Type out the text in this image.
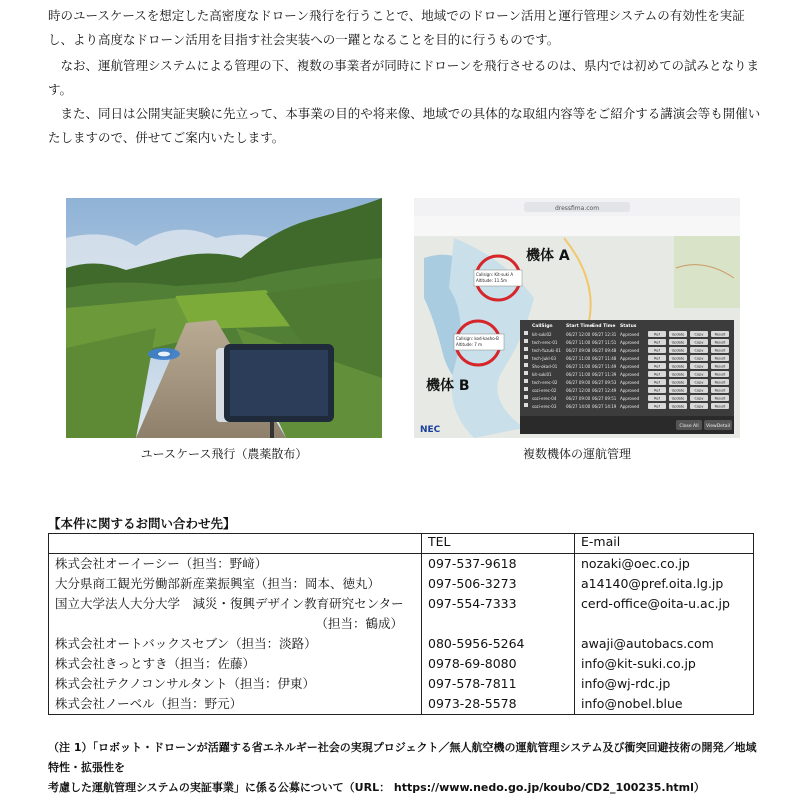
時のユースケースを想定した高密度なドローン飛行を行うことで、地域でのドローン活用と運行管理システムの有効性を実証し、より高度なドローン活用を目指す社会実装への一躍となることを目的に行うものです。

　なお、運航管理システムによる管理の下、複数の事業者が同時にドローンを飛行させるのは、県内では初めての試みとなります。

　また、同日は公開実証実験に先立って、本事業の目的や将来像、地域での具体的な取組内容等をご紹介する講演会等も開催いたしますので、併せてご案内いたします。

dressfima.com
Callsign: Kit-suki A
Altitude: 11.5m
Callsign: kod-kasho-B
Altitude: 7 m
機体 A
機体 B
NEC
CallSign	Start Time End Time Status
kit-suki02	06/27 12:00 06/27 12:31 Approved	Ref	Update	Copy	Result
tech-erec-01 06/27 11:00 06/27 11:51 Approved	Ref	Update	Copy	Result
tech-Yuzuki-01 06/27 09:08 06/27 09:48 Approved	Ref	Update	Copy	Result
tech-Jukl-03 06/27 11:00 06/27 11:48 Approved	Ref	Update	Copy	Result
Sho-okad-01 06/27 11:00 06/27 11:49 Approved	Ref	Update	Copy	Result
kit-suki01	06/27 11:00 06/27 11:39 Approved	Ref	Update	Copy	Result
tech-erec-02 06/27 09:00 06/27 09:53 Approved	Ref	Update	Copy	Result
sozi-erec-02 06/27 12:00 06/27 12:49 Approved	Ref	Update	Copy	Result
sozi-erec-04 06/27 09:00 06/27 09:51 Approved	Ref	Update	Copy	Result
sozi-erec-03 06/27 14:00 06/27 14:19 Approved	Ref	Update	Copy	Result
Close All ViewDetail
ユースケース飛行（農薬散布）	複数機体の運航管理
【本件に関するお問い合わせ先】
	TEL	E-mail
株式会社オーイーシー（担当：野﨑）	097-537-9618	nozaki@oec.co.jp
大分県商工観光労働部新産業振興室（担当：岡本、徳丸）	097-506-3273	a14140@pref.oita.lg.jp
国立大学法人大分大学　減災・復興デザイン教育研究センター
（担当：鶴成）	097-554-7333	cerd-office@oita-u.ac.jp
株式会社オートバックスセブン（担当：淡路）	080-5956-5264	awaji@autobacs.com
株式会社きっとすき（担当：佐藤）	0978-69-8080	info@kit-suki.co.jp
株式会社テクノコンサルタント（担当：伊東）	097-578-7811	info@wj-rdc.jp
株式会社ノーベル（担当：野元）	0973-28-5578	info@nobel.blue
（注 1）「ロボット・ドローンが活躍する省エネルギー社会の実現プロジェクト／無人航空機の運航管理システム及び衝突回避技術の開発／地域特性・拡張性を
考慮した運航管理システムの実証事業」に係る公募について（URL： https://www.nedo.go.jp/koubo/CD2_100235.html）
